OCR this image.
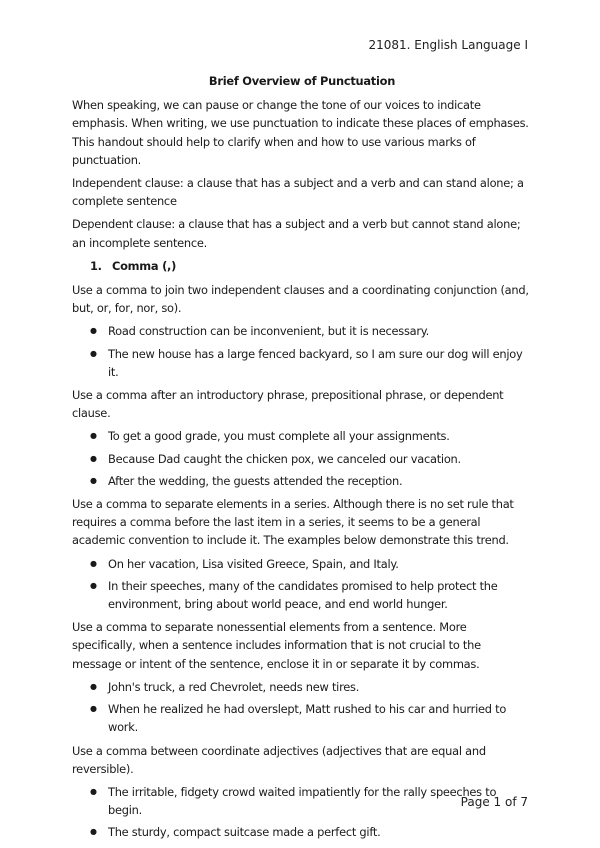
21081. English Language I
Brief Overview of Punctuation

When speaking, we can pause or change the tone of our voices to indicate emphasis. When writing, we use punctuation to indicate these places of emphases. This handout should help to clarify when and how to use various marks of punctuation.

Independent clause: a clause that has a subject and a verb and can stand alone; a complete sentence

Dependent clause: a clause that has a subject and a verb but cannot stand alone; an incomplete sentence.

1. Comma (,)

Use a comma to join two independent clauses and a coordinating conjunction (and, but, or, for, nor, so).

● Road construction can be inconvenient, but it is necessary.
● The new house has a large fenced backyard, so I am sure our dog will enjoy it.

Use a comma after an introductory phrase, prepositional phrase, or dependent clause.

● To get a good grade, you must complete all your assignments.
● Because Dad caught the chicken pox, we canceled our vacation.
● After the wedding, the guests attended the reception.

Use a comma to separate elements in a series. Although there is no set rule that requires a comma before the last item in a series, it seems to be a general academic convention to include it. The examples below demonstrate this trend.

● On her vacation, Lisa visited Greece, Spain, and Italy.
● In their speeches, many of the candidates promised to help protect the environment, bring about world peace, and end world hunger.

Use a comma to separate nonessential elements from a sentence. More specifically, when a sentence includes information that is not crucial to the message or intent of the sentence, enclose it in or separate it by commas.

● John's truck, a red Chevrolet, needs new tires.
● When he realized he had overslept, Matt rushed to his car and hurried to work.

Use a comma between coordinate adjectives (adjectives that are equal and reversible).

● The irritable, fidgety crowd waited impatiently for the rally speeches to begin.
● The sturdy, compact suitcase made a perfect gift.
Page 1 of 7
